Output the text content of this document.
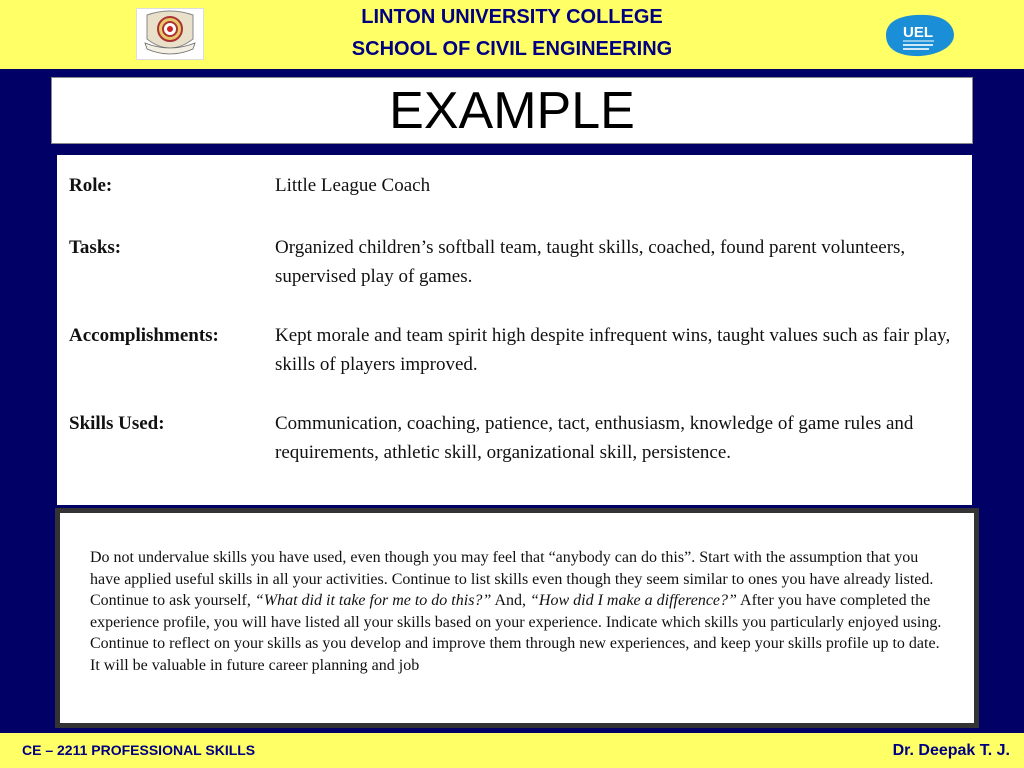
LINTON UNIVERSITY COLLEGE
SCHOOL OF CIVIL ENGINEERING
UEL
EXAMPLE
Role:	Little League Coach
Tasks:	Organized children’s softball team, taught skills, coached, found parent volunteers, supervised play of games.
Accomplishments:	Kept morale and team spirit high despite infrequent wins, taught values such as fair play, skills of players improved.
Skills Used:	Communication, coaching, patience, tact, enthusiasm, knowledge of game rules and requirements, athletic skill, organizational skill, persistence.
Do not undervalue skills you have used, even though you may feel that “anybody can do this”. Start with the assumption that you have applied useful skills in all your activities. Continue to list skills even though they seem similar to ones you have already listed. Continue to ask yourself, “What did it take for me to do this?” And, “How did I make a difference?” After you have completed the experience profile, you will have listed all your skills based on your experience. Indicate which skills you particularly enjoyed using. Continue to reflect on your skills as you develop and improve them through new experiences, and keep your skills profile up to date. It will be valuable in future career planning and job
CE – 2211 PROFESSIONAL SKILLS	Dr. Deepak T. J.
